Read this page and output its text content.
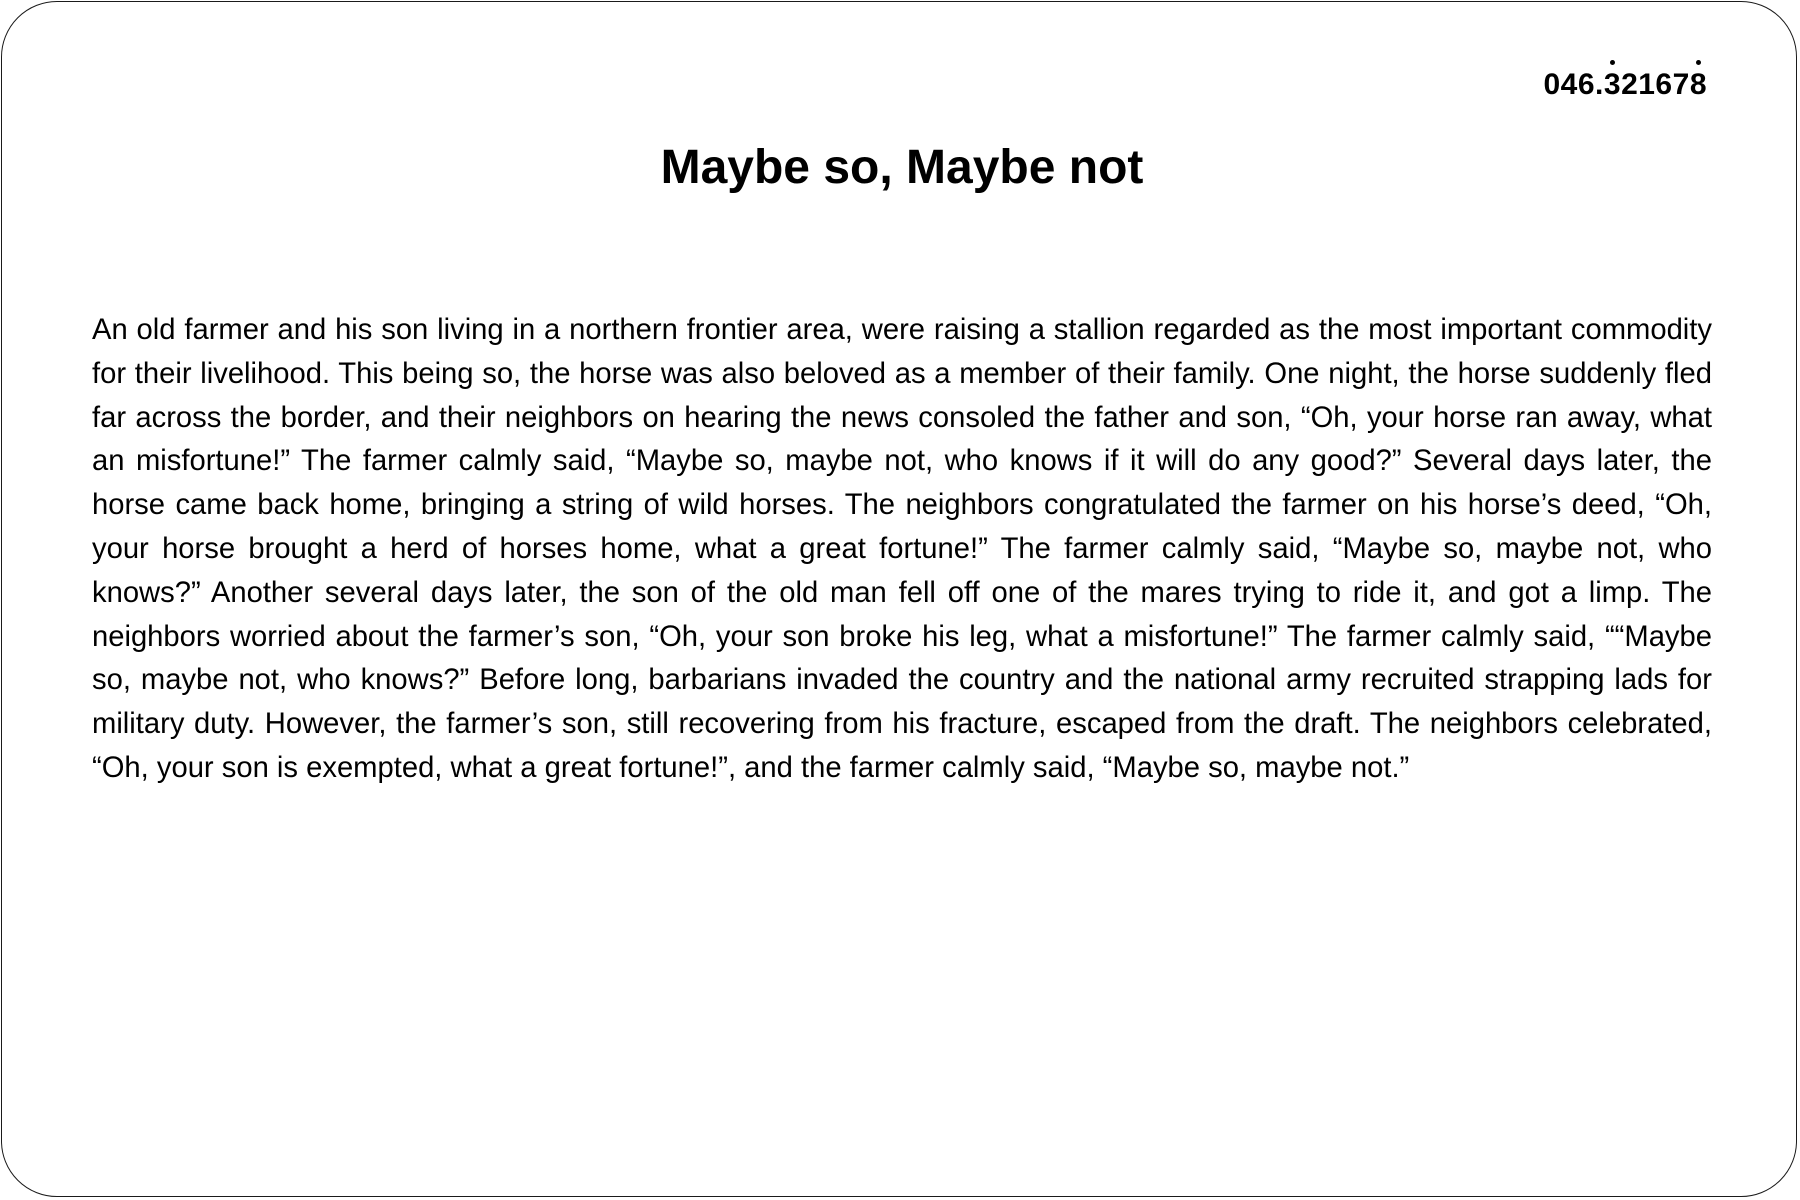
046. 3 2167 8
Maybe so, Maybe not

An old farmer and his son living in a northern frontier area, were raising a stallion regarded as the most important commodity for their livelihood. This being so, the horse was also beloved as a member of their family. One night, the horse suddenly fled far across the border, and their neighbors on hearing the news consoled the father and son, “Oh, your horse ran away, what an misfortune!” The farmer calmly said, “Maybe so, maybe not, who knows if it will do any good?” Several days later, the horse came back home, bringing a string of wild horses. The neighbors congratulated the farmer on his horse’s deed, “Oh, your horse brought a herd of horses home, what a great fortune!” The farmer calmly said, “Maybe so, maybe not, who knows?” Another several days later, the son of the old man fell off one of the mares trying to ride it, and got a limp. The neighbors worried about the farmer’s son, “Oh, your son broke his leg, what a misfortune!” The farmer calmly said, ““Maybe so, maybe not, who knows?” Before long, barbarians invaded the country and the national army recruited strapping lads for military duty. However, the farmer’s son, still recovering from his fracture, escaped from the draft. The neighbors celebrated, “Oh, your son is exempted, what a great fortune!”, and the farmer calmly said, “Maybe so, maybe not.”
